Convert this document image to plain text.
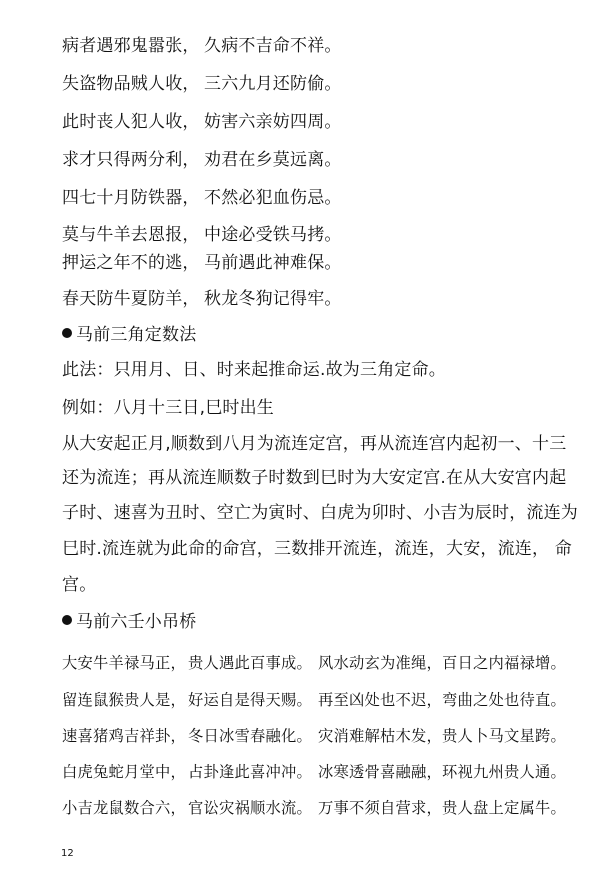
病者遇邪鬼嚣张， 久病不吉命不祥。
失盗物品贼人收， 三六九月还防偷。
此时丧人犯人收， 妨害六亲妨四周。
求才只得两分利， 劝君在乡莫远离。
四七十月防铁器， 不然必犯血伤忌。
莫与牛羊去恩报， 中途必受铁马拷。
押运之年不的逃， 马前遇此神难保。
春天防牛夏防羊， 秋龙冬狗记得牢。
马前三角定数法
此法：只用月、日、时来起推命运.故为三角定命。
例如：八月十三日,巳时出生
从大安起正月,顺数到八月为流连定宫，再从流连宫内起初一、十三
还为流连；再从流连顺数子时数到巳时为大安定宫.在从大安宫内起
子时、速喜为丑时、空亡为寅时、白虎为卯时、小吉为辰时，流连为
巳时.流连就为此命的命宫，三数排开流连，流连，大安，流连， 命
宫。
马前六壬小吊桥
大安牛羊禄马正， 贵人遇此百事成。 风水动玄为准绳，百日之内福禄增。
留连鼠猴贵人是， 好运自是得天赐。 再至凶处也不迟，弯曲之处也待直。
速喜猪鸡吉祥卦， 冬日冰雪春融化。 灾消难解枯木发，贵人卜马文星跨。
白虎兔蛇月堂中， 占卦逢此喜冲冲。 冰寒透骨喜融融，环视九州贵人通。
小吉龙鼠数合六， 官讼灾祸顺水流。 万事不须自营求，贵人盘上定属牛。
12
